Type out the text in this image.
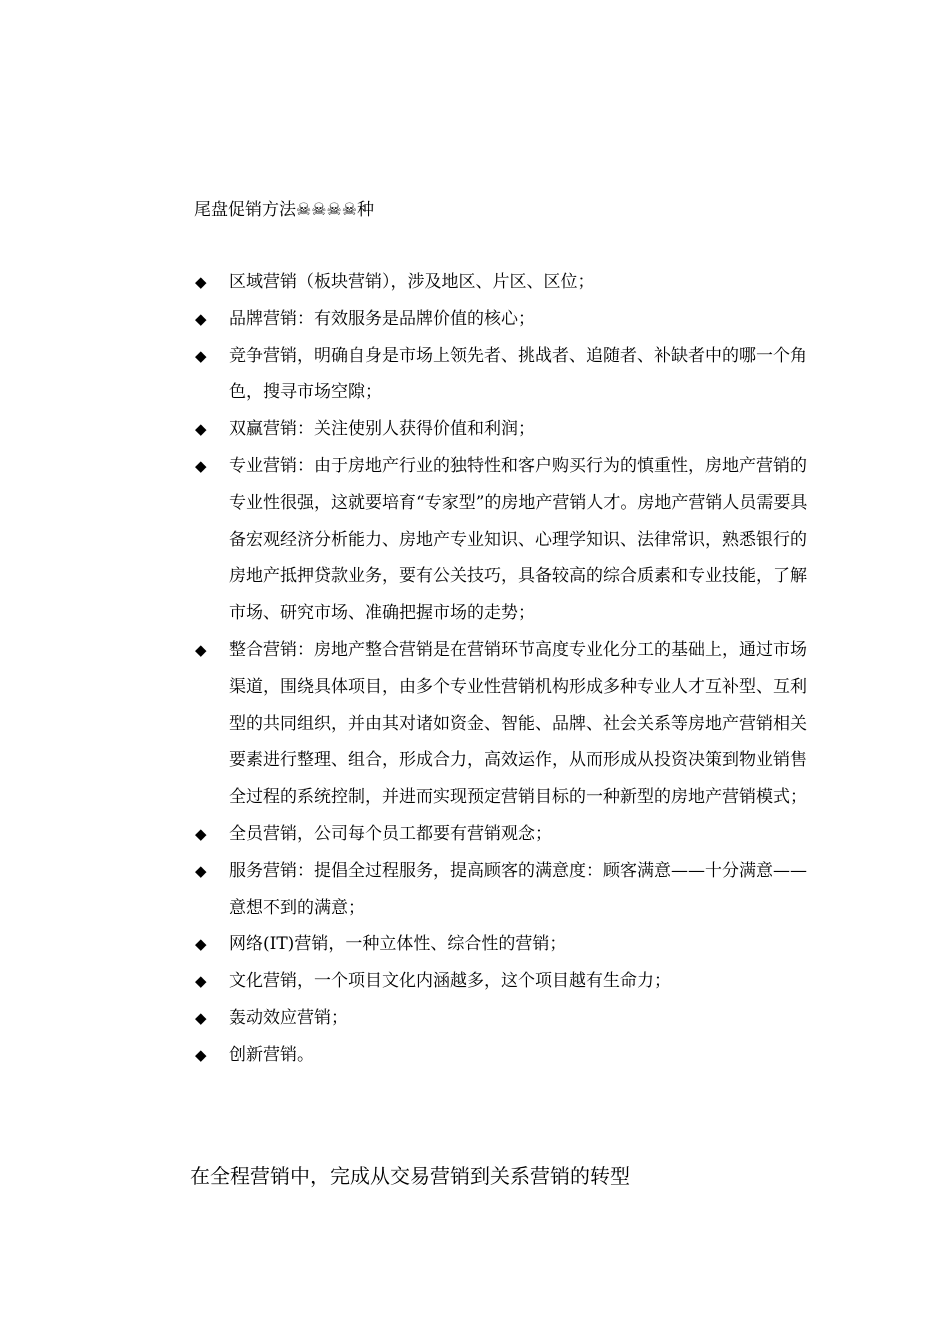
尾盘促销方法☠☠☠☠种
◆	区域营销（板块营销），涉及地区、片区、区位；
◆	品牌营销：有效服务是品牌价值的核心；
◆	竞争营销，明确自身是市场上领先者、挑战者、追随者、补缺者中的哪一个角色，搜寻市场空隙；
◆	双赢营销：关注使别人获得价值和利润；
◆	专业营销：由于房地产行业的独特性和客户购买行为的慎重性，房地产营销的专业性很强，这就要培育“专家型”的房地产营销人才。房地产营销人员需要具备宏观经济分析能力、房地产专业知识、心理学知识、法律常识，熟悉银行的房地产抵押贷款业务，要有公关技巧，具备较高的综合质素和专业技能，了解市场、研究市场、准确把握市场的走势；
◆	整合营销：房地产整合营销是在营销环节高度专业化分工的基础上，通过市场渠道，围绕具体项目，由多个专业性营销机构形成多种专业人才互补型、互利型的共同组织，并由其对诸如资金、智能、品牌、社会关系等房地产营销相关要素进行整理、组合，形成合力，高效运作，从而形成从投资决策到物业销售全过程的系统控制，并进而实现预定营销目标的一种新型的房地产营销模式；
◆	全员营销，公司每个员工都要有营销观念；
◆	服务营销：提倡全过程服务，提高顾客的满意度：顾客满意——十分满意——意想不到的满意；
◆	网络(IT)营销，一种立体性、综合性的营销；
◆	文化营销，一个项目文化内涵越多，这个项目越有生命力；
◆	轰动效应营销；
◆	创新营销。
在全程营销中，完成从交易营销到关系营销的转型
